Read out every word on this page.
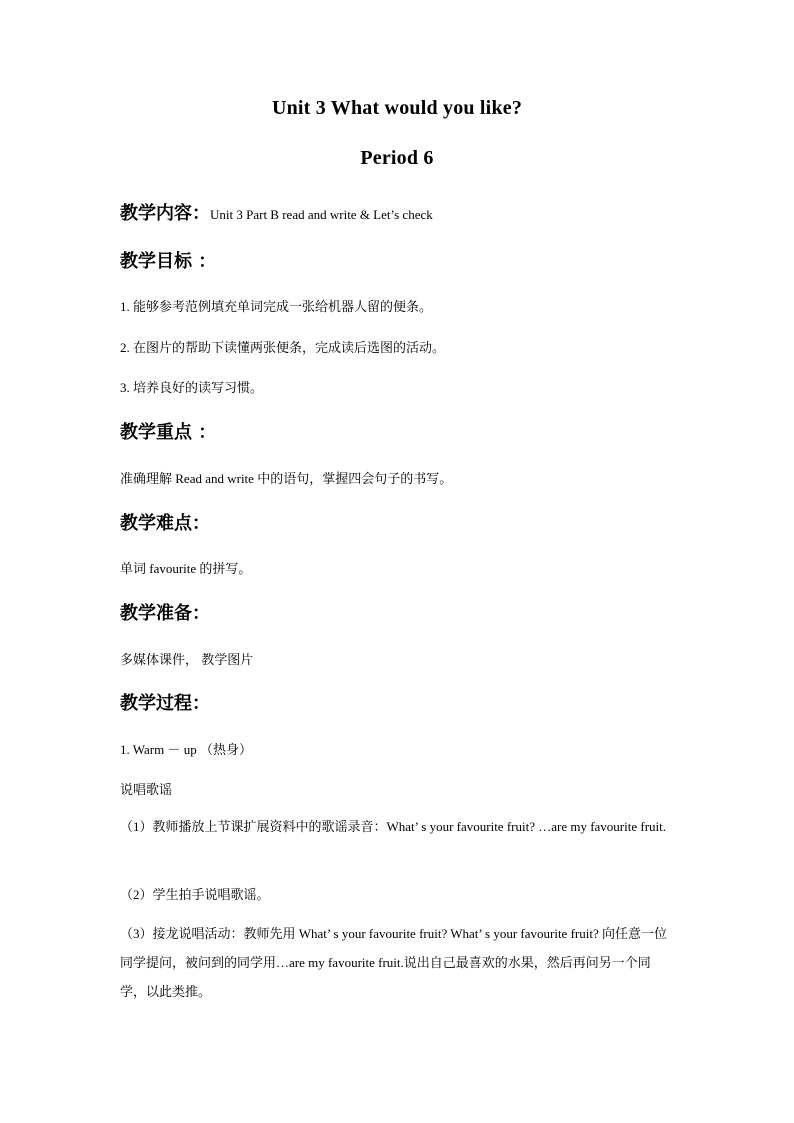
Unit 3 What would you like?
Period 6
教学内容：Unit 3 Part B read and write & Let’s check
教学目标 ：
1. 能够参考范例填充单词完成一张给机器人留的便条。
2. 在图片的帮助下读懂两张便条，完成读后选图的活动。
3. 培养良好的读写习惯。
教学重点 ：
准确理解 Read and write 中的语句，掌握四会句子的书写。
教学难点：
单词 favourite 的拼写。
教学准备：
多媒体课件， 教学图片
教学过程：
1. Warm － up （热身）
说唱歌谣
（1）教师播放上节课扩展资料中的歌谣录音：What’ s your favourite fruit? …are my favourite fruit.
（2）学生拍手说唱歌谣。
（3）接龙说唱活动：教师先用 What’ s your favourite fruit? What’ s your favourite fruit? 向任意一位同学提问，被问到的同学用…are my favourite fruit.说出自己最喜欢的水果，然后再问另一个同学，以此类推。
